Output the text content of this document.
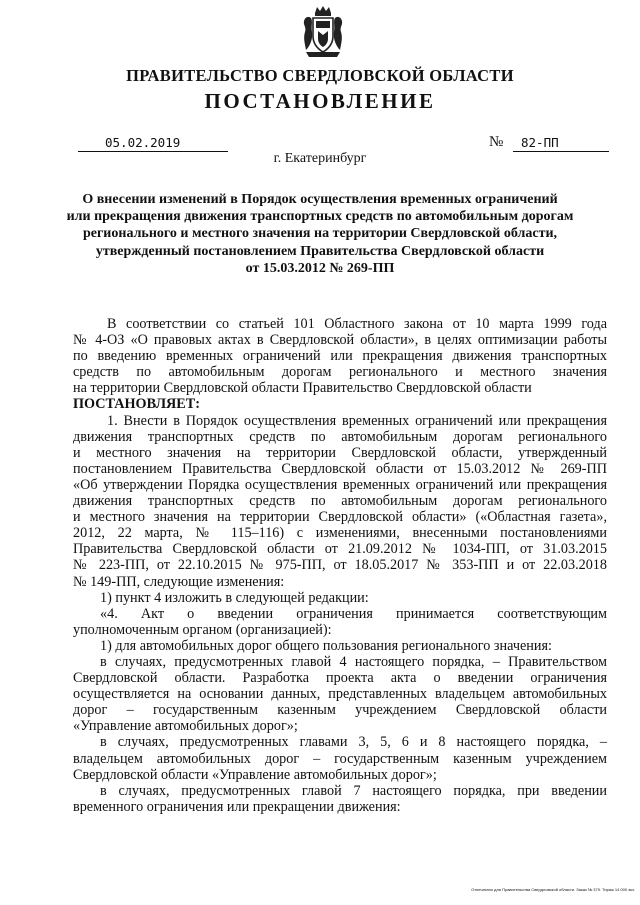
ПРАВИТЕЛЬСТВО СВЕРДЛОВСКОЙ ОБЛАСТИ
ПОСТАНОВЛЕНИЕ
05.02.2019	№	82-ПП
г. Екатеринбург
О внесении изменений в Порядок осуществления временных ограничений
или прекращения движения транспортных средств по автомобильным дорогам
регионального и местного значения на территории Свердловской области,
утвержденный постановлением Правительства Свердловской области
от 15.03.2012 № 269-ПП
В соответствии со статьей 101 Областного закона от 10 марта 1999 года
№ 4-ОЗ «О правовых актах в Свердловской области», в целях оптимизации работы
по введению временных ограничений или прекращения движения транспортных
средств по автомобильным дорогам регионального и местного значения
на территории Свердловской области Правительство Свердловской области
ПОСТАНОВЛЯЕТ:
1. Внести в Порядок осуществления временных ограничений или прекращения
движения транспортных средств по автомобильным дорогам регионального
и местного значения на территории Свердловской области, утвержденный
постановлением Правительства Свердловской области от 15.03.2012 № 269-ПП
«Об утверждении Порядка осуществления временных ограничений или прекращения
движения транспортных средств по автомобильным дорогам регионального
и местного значения на территории Свердловской области» («Областная газета»,
2012, 22 марта, № 115–116) с изменениями, внесенными постановлениями
Правительства Свердловской области от 21.09.2012 № 1034-ПП, от 31.03.2015
№ 223-ПП, от 22.10.2015 № 975-ПП, от 18.05.2017 № 353-ПП и от 22.03.2018
№ 149-ПП, следующие изменения:
1) пункт 4 изложить в следующей редакции:
«4. Акт о введении ограничения принимается соответствующим
уполномоченным органом (организацией):
1) для автомобильных дорог общего пользования регионального значения:
в случаях, предусмотренных главой 4 настоящего порядка, – Правительством
Свердловской области. Разработка проекта акта о введении ограничения
осуществляется на основании данных, представленных владельцем автомобильных
дорог – государственным казенным учреждением Свердловской области
«Управление автомобильных дорог»;
в случаях, предусмотренных главами 3, 5, 6 и 8 настоящего порядка, –
владельцем автомобильных дорог – государственным казенным учреждением
Свердловской области «Управление автомобильных дорог»;
в случаях, предусмотренных главой 7 настоящего порядка, при введении
временного ограничения или прекращении движения:
Отпечатано для Правительства Свердловской области. Заказ № 379. Тираж 14 000 экз.
